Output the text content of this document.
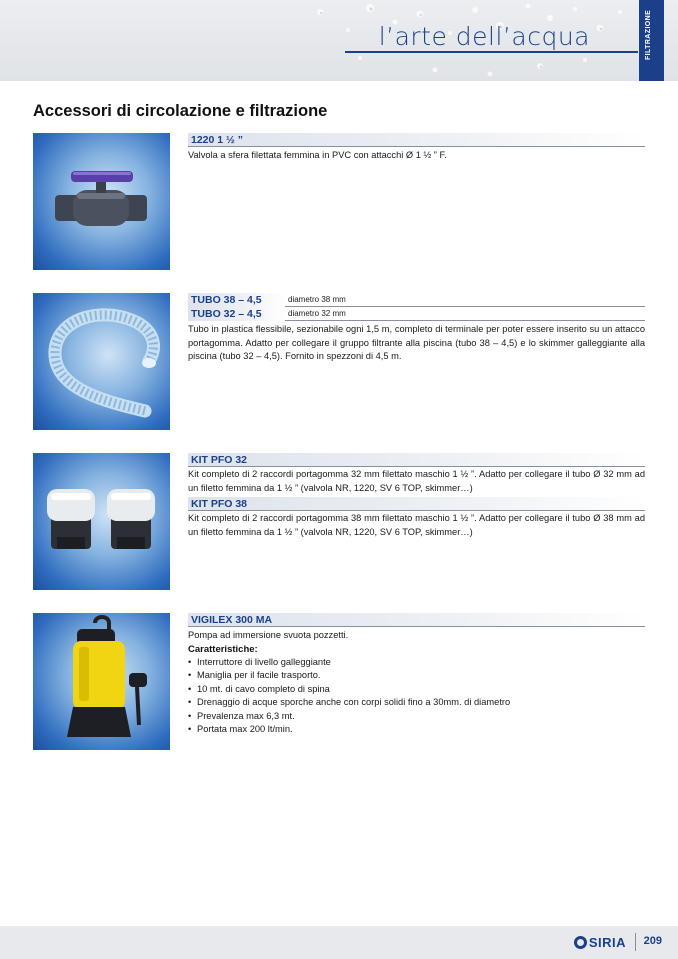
l’arte dell’acqua	FILTRAZIONE
Accessori di circolazione e filtrazione
1220 1 ½ ”

Valvola a sfera filettata femmina in PVC con attacchi Ø 1 ½ ” F.

TUBO 38 – 4,5	diametro 38 mm
TUBO 32 – 4,5	diametro 32 mm

Tubo in plastica flessibile, sezionabile ogni 1,5 m, completo di terminale per poter essere inserito su un attacco portagomma. Adatto per collegare il gruppo filtrante alla piscina (tubo 38 – 4,5) e lo skimmer galleggiante alla piscina (tubo 32 – 4,5). Fornito in spezzoni di 4,5 m.

KIT PFO 32

Kit completo di 2 raccordi portagomma 32 mm filettato maschio 1 ½ ”. Adatto per collegare il tubo Ø 32 mm ad un filetto femmina da 1 ½ ” (valvola NR, 1220, SV 6 TOP, skimmer…)

KIT PFO 38

Kit completo di 2 raccordi portagomma 38 mm filettato maschio 1 ½ ”. Adatto per collegare il tubo Ø 38 mm ad un filetto femmina da 1 ½ ” (valvola NR, 1220, SV 6 TOP, skimmer…)

VIGILEX 300 MA

Pompa ad immersione svuota pozzetti.

Caratteristiche:
• Interruttore di livello galleggiante
• Maniglia per il facile trasporto.
• 10 mt. di cavo completo di spina
• Drenaggio di acque sporche anche con corpi solidi fino a 30mm. di diametro
• Prevalenza max 6,3 mt.
• Portata max 200 lt/min.
SIRIA 209
